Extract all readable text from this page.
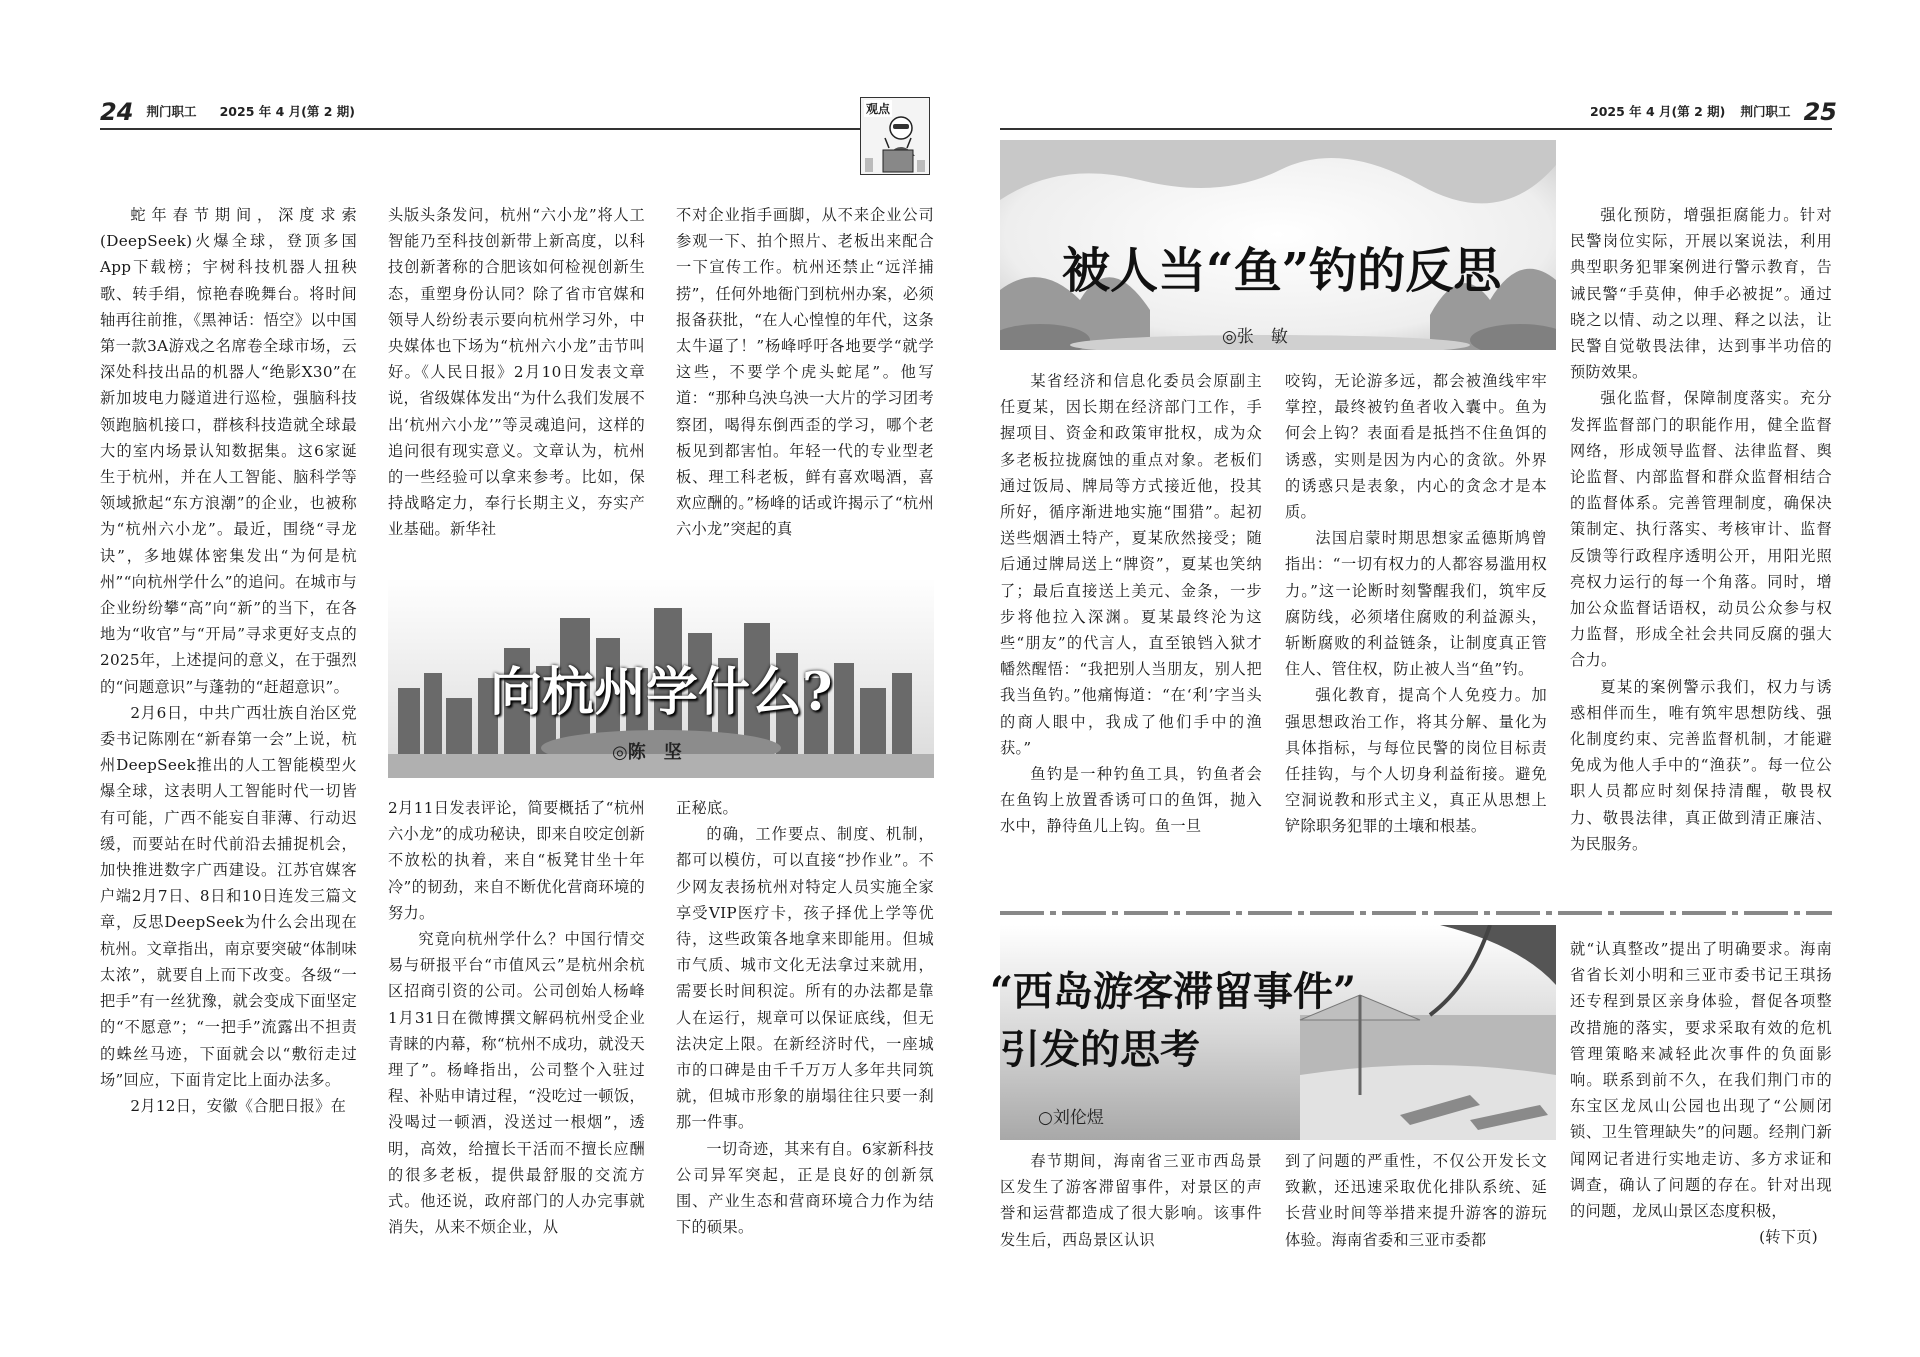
24 $^{荆门职工}$ $^{2025 年 4 月(第 2 期)}$	观点	$^{2025 年 4 月(第 2 期)}$ $^{荆门职工}$ 25

蛇年春节期间，深度求索(DeepSeek)火爆全球，登顶多国App下载榜；宇树科技机器人扭秧歌、转手绢，惊艳春晚舞台。将时间轴再往前推，《黑神话：悟空》以中国第一款3A游戏之名席卷全球市场，云深处科技出品的机器人“绝影X30”在新加坡电力隧道进行巡检，强脑科技领跑脑机接口，群核科技造就全球最大的室内场景认知数据集。这6家诞生于杭州，并在人工智能、脑科学等领域掀起“东方浪潮”的企业，也被称为“杭州六小龙”。最近，围绕“寻龙诀”，多地媒体密集发出“为何是杭州”“向杭州学什么”的追问。在城市与企业纷纷攀“高”向“新”的当下，在各地为“收官”与“开局”寻求更好支点的2025年，上述提问的意义，在于强烈的“问题意识”与蓬勃的“赶超意识”。

2月6日，中共广西壮族自治区党委书记陈刚在“新春第一会”上说，杭州DeepSeek推出的人工智能模型火爆全球，这表明人工智能时代一切皆有可能，广西不能妄自菲薄、行动迟缓，而要站在时代前沿去捕捉机会，加快推进数字广西建设。江苏官媒客户端2月7日、8日和10日连发三篇文章，反思DeepSeek为什么会出现在杭州。文章指出，南京要突破“体制味太浓”，就要自上而下改变。各级“一把手”有一丝犹豫，就会变成下面坚定的“不愿意”；“一把手”流露出不担责的蛛丝马迹，下面就会以“敷衍走过场”回应，下面肯定比上面办法多。

2月12日，安徽《合肥日报》在

头版头条发问，杭州“六小龙”将人工智能乃至科技创新带上新高度，以科技创新著称的合肥该如何检视创新生态，重塑身份认同？除了省市官媒和领导人纷纷表示要向杭州学习外，中央媒体也下场为“杭州六小龙”击节叫好。《人民日报》2月10日发表文章说，省级媒体发出“为什么我们发展不出‘杭州六小龙’”等灵魂追问，这样的追问很有现实意义。文章认为，杭州的一些经验可以拿来参考。比如，保持战略定力，奉行长期主义，夯实产业基础。新华社

不对企业指手画脚，从不来企业公司参观一下、拍个照片、老板出来配合一下宣传工作。杭州还禁止“远洋捕捞”，任何外地衙门到杭州办案，必须报备获批，“在人心惶惶的年代，这条太牛逼了！”杨峰呼吁各地要学“就学这些，不要学个虎头蛇尾”。他写道：“那种乌泱乌泱一大片的学习团考察团，喝得东倒西歪的学习，哪个老板见到都害怕。年轻一代的专业型老板、理工科老板，鲜有喜欢喝酒，喜欢应酬的。”杨峰的话或许揭示了“杭州六小龙”突起的真

向杭州学什么?
◎陈　坚

2月11日发表评论，简要概括了“杭州六小龙”的成功秘诀，即来自咬定创新不放松的执着，来自“板凳甘坐十年冷”的韧劲，来自不断优化营商环境的努力。

究竟向杭州学什么？中国行情交易与研报平台“市值风云”是杭州余杭区招商引资的公司。公司创始人杨峰1月31日在微博撰文解码杭州受企业青睐的内幕，称“杭州不成功，就没天理了”。杨峰指出，公司整个入驻过程、补贴申请过程，“没吃过一顿饭，没喝过一顿酒，没送过一根烟”，透明，高效，给擅长干活而不擅长应酬的很多老板，提供最舒服的交流方式。他还说，政府部门的人办完事就消失，从来不烦企业，从

正秘底。

的确，工作要点、制度、机制，都可以模仿，可以直接“抄作业”。不少网友表扬杭州对特定人员实施全家享受VIP医疗卡，孩子择优上学等优待，这些政策各地拿来即能用。但城市气质、城市文化无法拿过来就用，需要长时间积淀。所有的办法都是靠人在运行，规章可以保证底线，但无法决定上限。在新经济时代，一座城市的口碑是由千千万万人多年共同筑就，但城市形象的崩塌往往只要一刹那一件事。

一切奇迹，其来有自。6家新科技公司异军突起，正是良好的创新氛围、产业生态和营商环境合力作为结下的硕果。

被人当“鱼”钓的反思
◎张　敏

某省经济和信息化委员会原副主任夏某，因长期在经济部门工作，手握项目、资金和政策审批权，成为众多老板拉拢腐蚀的重点对象。老板们通过饭局、牌局等方式接近他，投其所好，循序渐进地实施“围猎”。起初送些烟酒土特产，夏某欣然接受；随后通过牌局送上“牌资”，夏某也笑纳了；最后直接送上美元、金条，一步步将他拉入深渊。夏某最终沦为这些“朋友”的代言人，直至锒铛入狱才幡然醒悟：“我把别人当朋友，别人把我当鱼钓。”他痛悔道：“在‘利’字当头的商人眼中，我成了他们手中的渔获。”

鱼钓是一种钓鱼工具，钓鱼者会在鱼钩上放置香诱可口的鱼饵，抛入水中，静待鱼儿上钩。鱼一旦

咬钩，无论游多远，都会被渔线牢牢掌控，最终被钓鱼者收入囊中。鱼为何会上钩？表面看是抵挡不住鱼饵的诱惑，实则是因为内心的贪欲。外界的诱惑只是表象，内心的贪念才是本质。

法国启蒙时期思想家孟德斯鸠曾指出：“一切有权力的人都容易滥用权力。”这一论断时刻警醒我们，筑牢反腐防线，必须堵住腐败的利益源头，斩断腐败的利益链条，让制度真正管住人、管住权，防止被人当“鱼”钓。

强化教育，提高个人免疫力。加强思想政治工作，将其分解、量化为具体指标，与每位民警的岗位目标责任挂钩，与个人切身利益衔接。避免空洞说教和形式主义，真正从思想上铲除职务犯罪的土壤和根基。

强化预防，增强拒腐能力。针对民警岗位实际，开展以案说法，利用典型职务犯罪案例进行警示教育，告诫民警“手莫伸，伸手必被捉”。通过晓之以情、动之以理、释之以法，让民警自觉敬畏法律，达到事半功倍的预防效果。

强化监督，保障制度落实。充分发挥监督部门的职能作用，健全监督网络，形成领导监督、法律监督、舆论监督、内部监督和群众监督相结合的监督体系。完善管理制度，确保决策制定、执行落实、考核审计、监督反馈等行政程序透明公开，用阳光照亮权力运行的每一个角落。同时，增加公众监督话语权，动员公众参与权力监督，形成全社会共同反腐的强大合力。

夏某的案例警示我们，权力与诱惑相伴而生，唯有筑牢思想防线、强化制度约束、完善监督机制，才能避免成为他人手中的“渔获”。每一位公职人员都应时刻保持清醒，敬畏权力、敬畏法律，真正做到清正廉洁、为民服务。

“西岛游客滞留事件”
引发的思考
○刘伦煜

春节期间，海南省三亚市西岛景区发生了游客滞留事件，对景区的声誉和运营都造成了很大影响。该事件发生后，西岛景区认识

到了问题的严重性，不仅公开发长文致歉，还迅速采取优化排队系统、延长营业时间等举措来提升游客的游玩体验。海南省委和三亚市委都

就“认真整改”提出了明确要求。海南省省长刘小明和三亚市委书记王琪扬还专程到景区亲身体验，督促各项整改措施的落实，要求采取有效的危机管理策略来减轻此次事件的负面影响。联系到前不久，在我们荆门市的东宝区龙凤山公园也出现了“公厕闭锁、卫生管理缺失”的问题。经荆门新闻网记者进行实地走访、多方求证和调查，确认了问题的存在。针对出现的问题，龙凤山景区态度积极，

(转下页)
